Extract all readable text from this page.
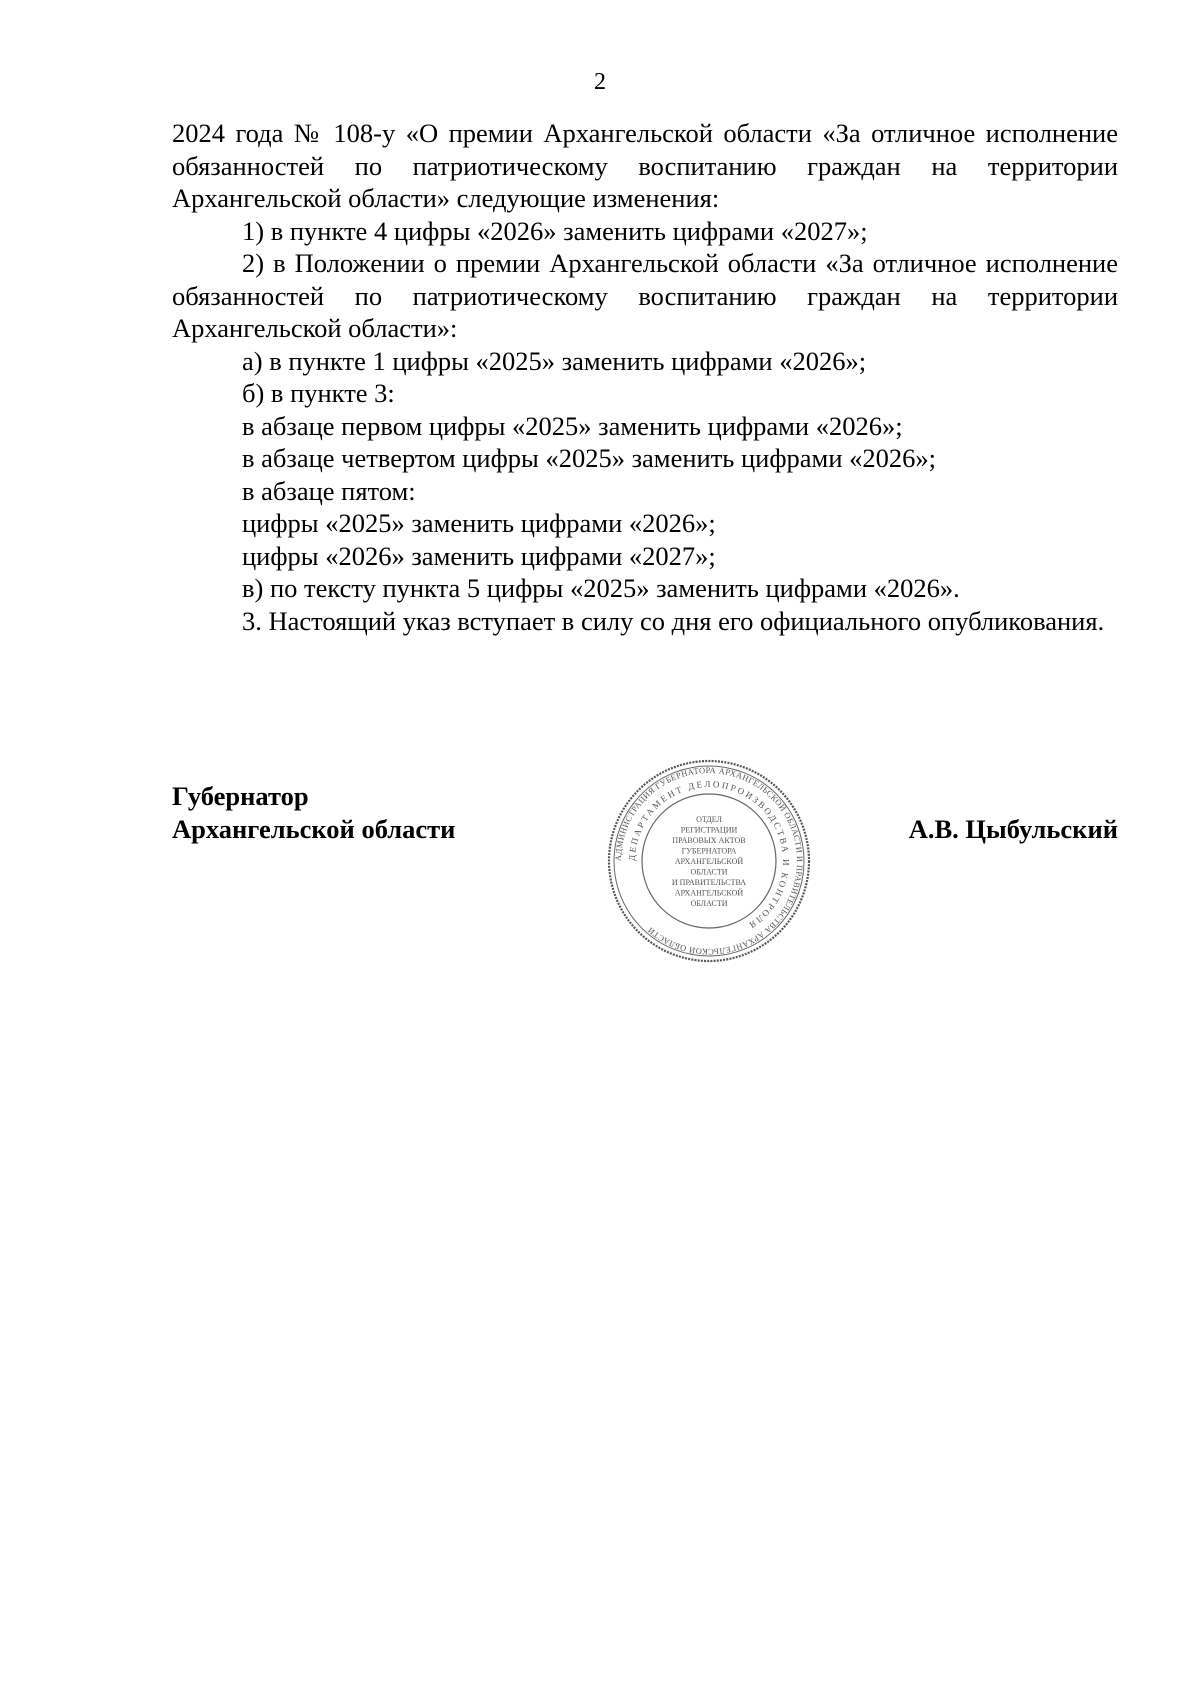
2

2024 года № 108-у «О премии Архангельской области «За отличное исполнение обязанностей по патриотическому воспитанию граждан на территории Архангельской области» следующие изменения:

1) в пункте 4 цифры «2026» заменить цифрами «2027»;

2) в Положении о премии Архангельской области «За отличное исполнение обязанностей по патриотическому воспитанию граждан на территории Архангельской области»:

а) в пункте 1 цифры «2025» заменить цифрами «2026»;

б) в пункте 3:

в абзаце первом цифры «2025» заменить цифрами «2026»;

в абзаце четвертом цифры «2025» заменить цифрами «2026»;

в абзаце пятом:

цифры «2025» заменить цифрами «2026»;

цифры «2026» заменить цифрами «2027»;

в) по тексту пункта 5 цифры «2025» заменить цифрами «2026».

3. Настоящий указ вступает в силу со дня его официального опубликования.

Губернатор
Архангельской области
АДМИНИСТРАЦИЯ ГУБЕРНАТОРА АРХАНГЕЛЬСКОЙ ОБЛАСТИ И ПРАВИТЕЛЬСТВА АРХАНГЕЛЬСКОЙ ОБЛАСТИ
ДЕПАРТАМЕНТ ДЕЛОПРОИЗВОДСТВА И КОНТРОЛЯ
ОТДЕЛ
РЕГИСТРАЦИИ
ПРАВОВЫХ АКТОВ
ГУБЕРНАТОРА
АРХАНГЕЛЬСКОЙ
ОБЛАСТИ
И ПРАВИТЕЛЬСТВА
АРХАНГЕЛЬСКОЙ
ОБЛАСТИ
А.В. Цыбульский
